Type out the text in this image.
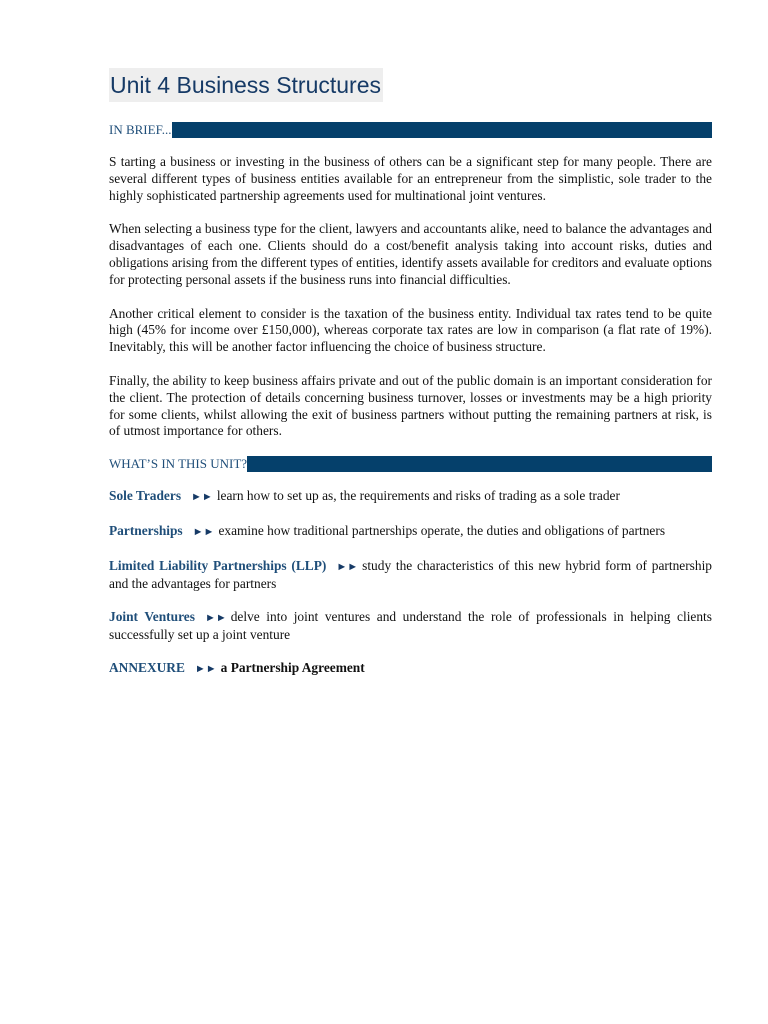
Unit 4 Business Structures
IN BRIEF...

S tarting a business or investing in the business of others can be a significant step for many people. There are several different types of business entities available for an entrepreneur from the simplistic, sole trader to the highly sophisticated partnership agreements used for multinational joint ventures.

When selecting a business type for the client, lawyers and accountants alike, need to balance the advantages and disadvantages of each one. Clients should do a cost/benefit analysis taking into account risks, duties and obligations arising from the different types of entities, identify assets available for creditors and evaluate options for protecting personal assets if the business runs into financial difficulties.

Another critical element to consider is the taxation of the business entity. Individual tax rates tend to be quite high (45% for income over £150,000), whereas corporate tax rates are low in comparison (a flat rate of 19%). Inevitably, this will be another factor influencing the choice of business structure.

Finally, the ability to keep business affairs private and out of the public domain is an important consideration for the client. The protection of details concerning business turnover, losses or investments may be a high priority for some clients, whilst allowing the exit of business partners without putting the remaining partners at risk, is of utmost importance for others.

WHAT’S IN THIS UNIT?

Sole Traders ►► learn how to set up as, the requirements and risks of trading as a sole trader

Partnerships ►► examine how traditional partnerships operate, the duties and obligations of partners

Limited Liability Partnerships (LLP) ►► study the characteristics of this new hybrid form of partnership and the advantages for partners

Joint Ventures ►► delve into joint ventures and understand the role of professionals in helping clients successfully set up a joint venture

ANNEXURE ►► a Partnership Agreement
